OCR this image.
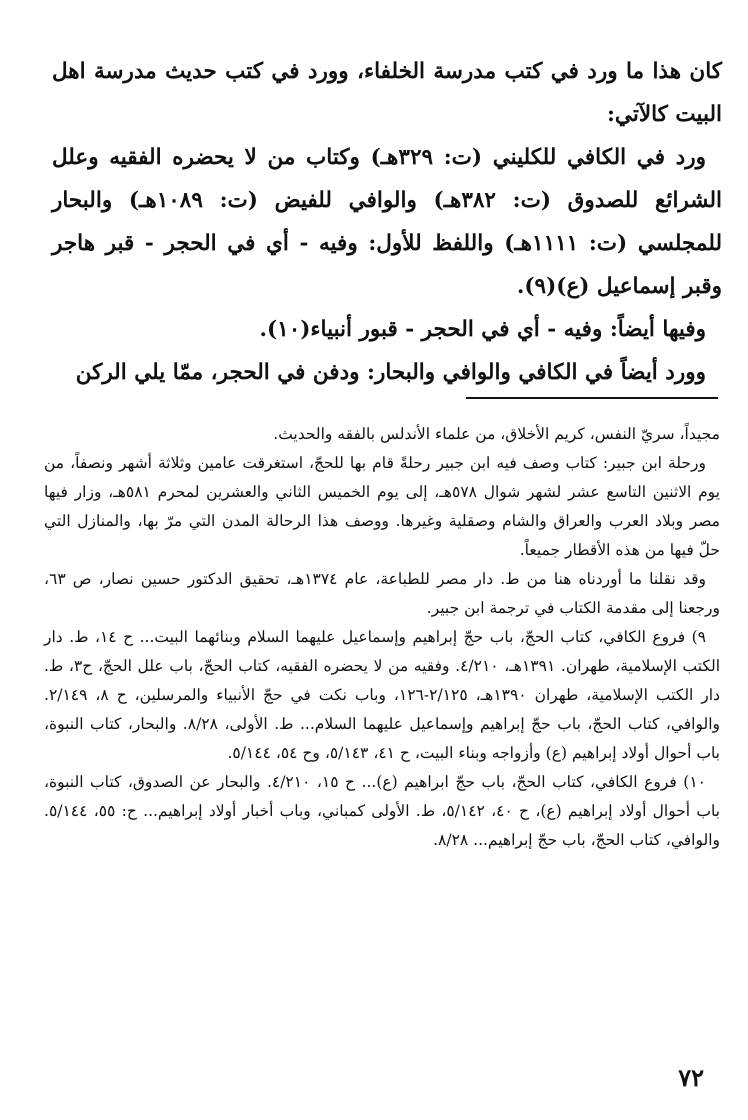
كان هذا ما ورد في كتب مدرسة الخلفاء، وورد في كتب حديث مدرسة اهل البيت كالآتي:

ورد في الكافي للكليني (ت: ٣٢٩هـ) وكتاب من لا يحضره الفقيه وعلل الشرائع للصدوق (ت: ٣٨٢هـ) والوافي للفيض (ت: ١٠٨٩هـ) والبحار للمجلسي (ت: ١١١١هـ) واللفظ للأول: وفيه - أي في الحجر - قبر هاجر وقبر إسماعيل (ع)(٩).

وفيها أيضاً: وفيه - أي في الحجر - قبور أنبياء(١٠).

وورد أيضاً في الكافي والوافي والبحار: ودفن في الحجر، ممّا يلي الركن

مجيداً، سريّ النفس، كريم الأخلاق، من علماء الأندلس بالفقه والحديث.

ورحلة ابن جبير: كتاب وصف فيه ابن جبير رحلةً قام بها للحجّ، استغرقت عامين وثلاثة أشهر ونصفاً، من يوم الاثنين التاسع عشر لشهر شوال ٥٧٨هـ، إلى يوم الخميس الثاني والعشرين لمحرم ٥٨١هـ، وزار فيها مصر وبلاد العرب والعراق والشام وصقلية وغيرها. ووصف هذا الرحالة المدن التي مرّ بها، والمنازل التي حلّ فيها من هذه الأقطار جميعاً.

وقد نقلنا ما أوردناه هنا من ط. دار مصر للطباعة، عام ١٣٧٤هـ، تحقيق الدكتور حسين نصار، ص ٦٣، ورجعنا إلى مقدمة الكتاب في ترجمة ابن جبير.

٩) فروع الكافي، كتاب الحجّ، باب حجّ إبراهيم وإسماعيل عليهما السلام وبنائهما البيت... ح ١٤، ط. دار الكتب الإسلامية، طهران. ١٣٩١هـ، ٤/٢١٠. وفقيه من لا يحضره الفقيه، كتاب الحجّ، باب علل الحجّ، ح٣، ط. دار الكتب الإسلامية، طهران ١٣٩٠هـ، ٢/١٢٥-١٢٦، وباب نكت في حجّ الأنبياء والمرسلين، ح ٨، ٢/١٤٩. والوافي، كتاب الحجّ، باب حجّ إبراهيم وإسماعيل عليهما السلام... ط. الأولى، ٨/٢٨. والبحار، كتاب النبوة، باب أحوال أولاد إبراهيم (ع) وأزواجه وبناء البيت، ح ٤١، ٥/١٤٣، وح ٥٤، ٥/١٤٤.

١٠) فروع الكافي، كتاب الحجّ، باب حجّ ابراهيم (ع)... ح ١٥، ٤/٢١٠. والبحار عن الصدوق، كتاب النبوة، باب أحوال أولاد إبراهيم (ع)، ح ٤٠، ٥/١٤٢، ط. الأولى كمباني، وباب أخبار أولاد إبراهيم... ح: ٥٥، ٥/١٤٤. والوافي، كتاب الحجّ، باب حجّ إبراهيم... ٨/٢٨.

٧٢
